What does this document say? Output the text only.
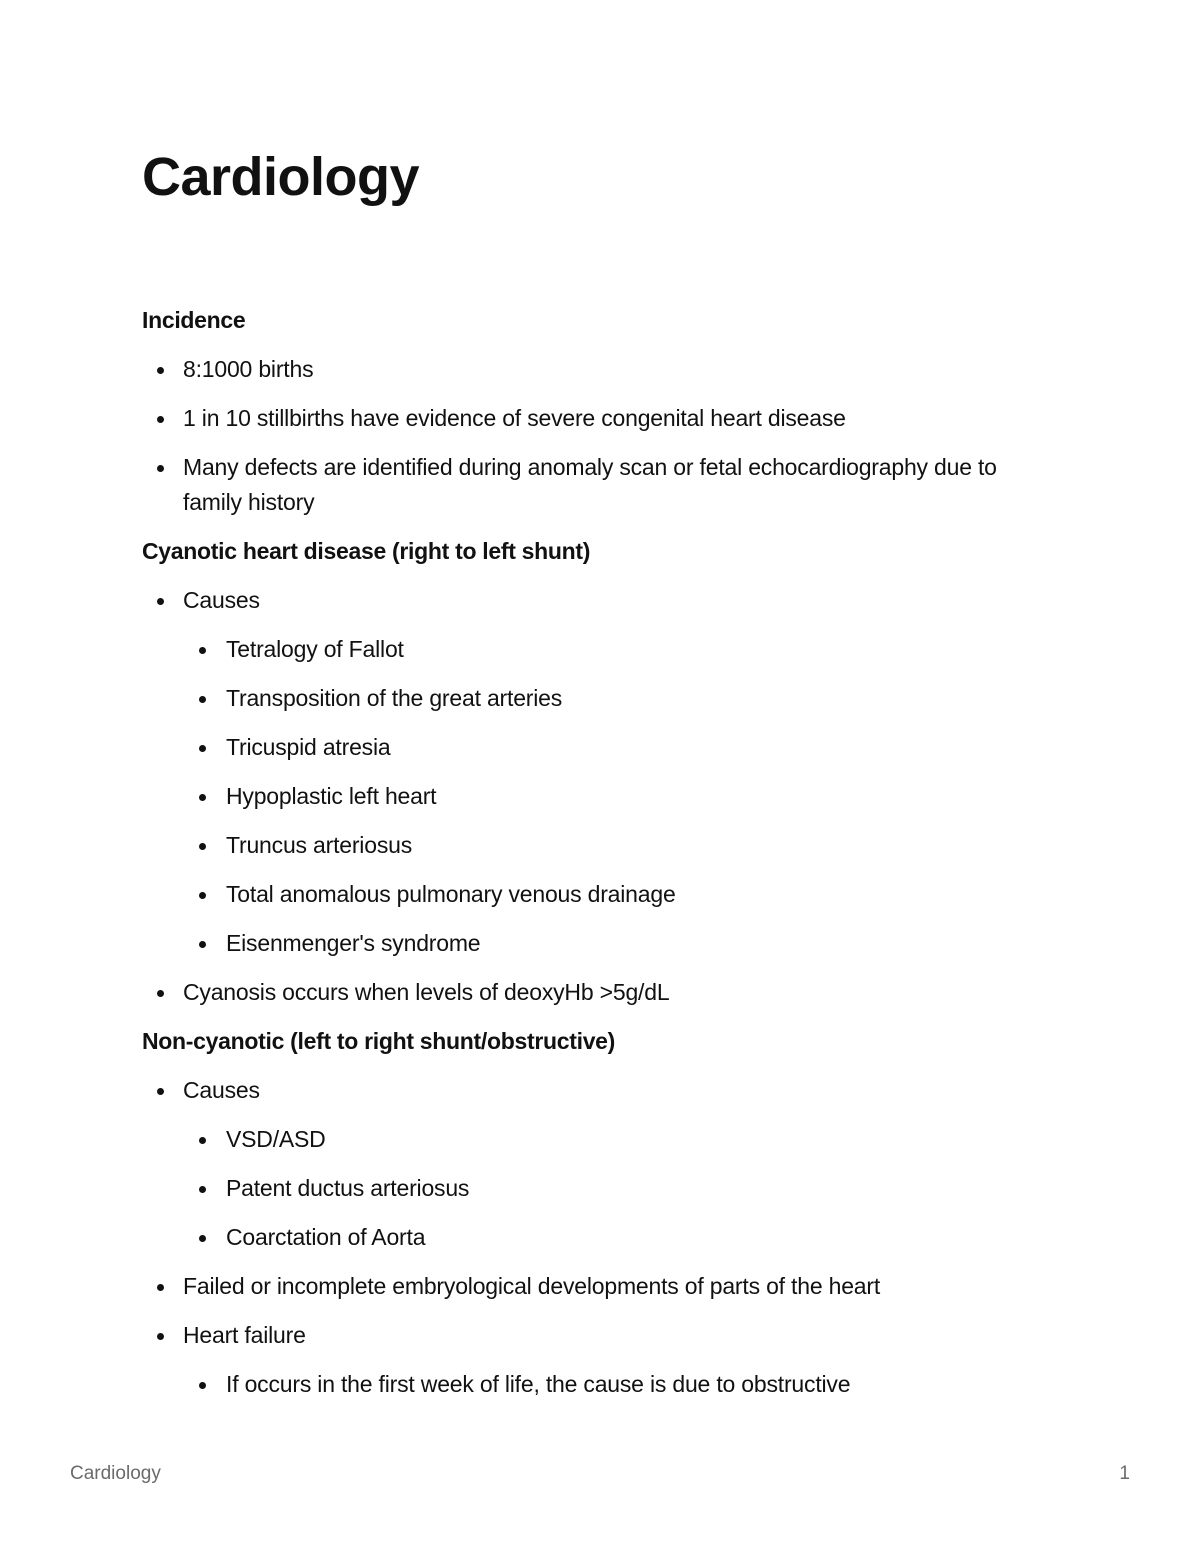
Cardiology
Incidence
8:1000 births
1 in 10 stillbirths have evidence of severe congenital heart disease
Many defects are identified during anomaly scan or fetal echocardiography due to family history
Cyanotic heart disease (right to left shunt)
Causes
Tetralogy of Fallot
Transposition of the great arteries
Tricuspid atresia
Hypoplastic left heart
Truncus arteriosus
Total anomalous pulmonary venous drainage
Eisenmenger's syndrome
Cyanosis occurs when levels of deoxyHb >5g/dL
Non-cyanotic (left to right shunt/obstructive)
Causes
VSD/ASD
Patent ductus arteriosus
Coarctation of Aorta
Failed or incomplete embryological developments of parts of the heart
Heart failure
If occurs in the first week of life, the cause is due to obstructive
Cardiology	1
